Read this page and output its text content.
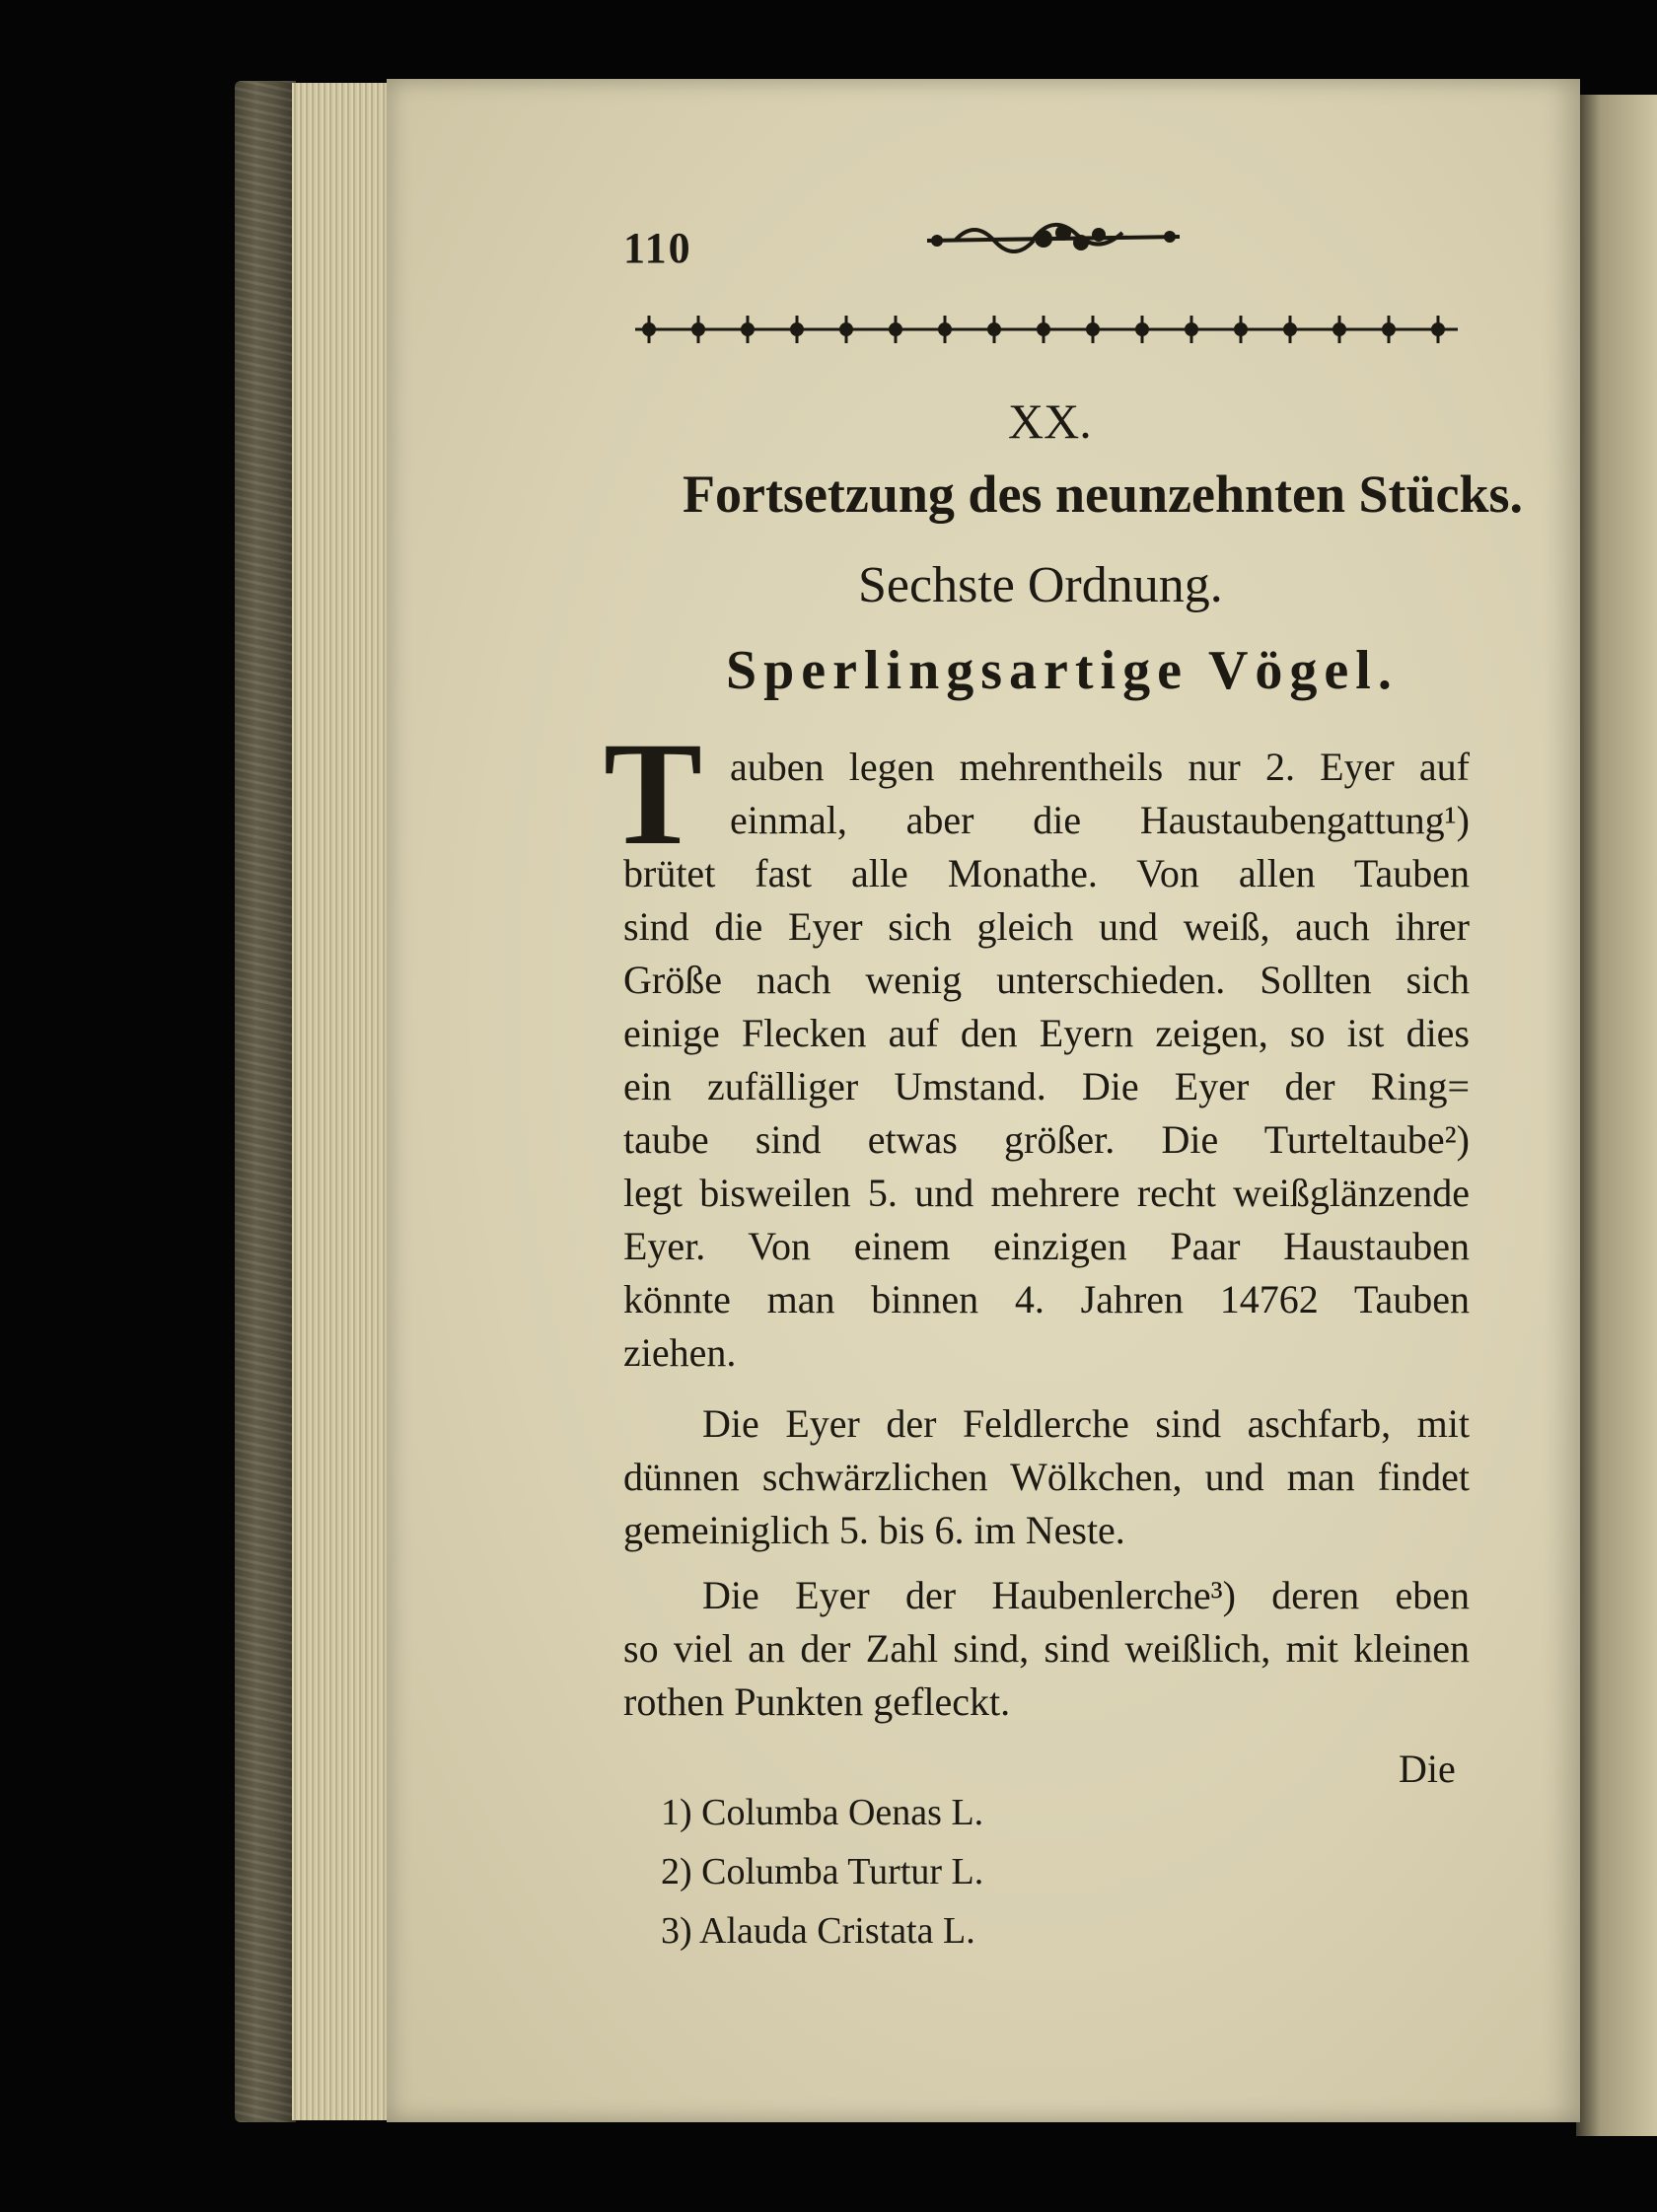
110
XX.
Fortsetzung des neunzehnten Stücks.
Sechste Ordnung.
Sperlingsartige Vögel.
T auben legen mehrentheils nur 2. Eyer auf
einmal, aber die Haustaubengattung¹)
brütet fast alle Monathe. Von allen Tauben
sind die Eyer sich gleich und weiß, auch ihrer
Größe nach wenig unterschieden. Sollten sich
einige Flecken auf den Eyern zeigen, so ist dies
ein zufälliger Umstand. Die Eyer der Ring=
taube sind etwas größer. Die Turteltaube²)
legt bisweilen 5. und mehrere recht weißglänzende
Eyer. Von einem einzigen Paar Haustauben
könnte man binnen 4. Jahren 14762 Tauben
ziehen.
Die Eyer der Feldlerche sind aschfarb, mit
dünnen schwärzlichen Wölkchen, und man findet
gemeiniglich 5. bis 6. im Neste.
Die Eyer der Haubenlerche³) deren eben
so viel an der Zahl sind, sind weißlich, mit kleinen
rothen Punkten gefleckt.
Die
1) Columba Oenas L.
2) Columba Turtur L.
3) Alauda Cristata L.
